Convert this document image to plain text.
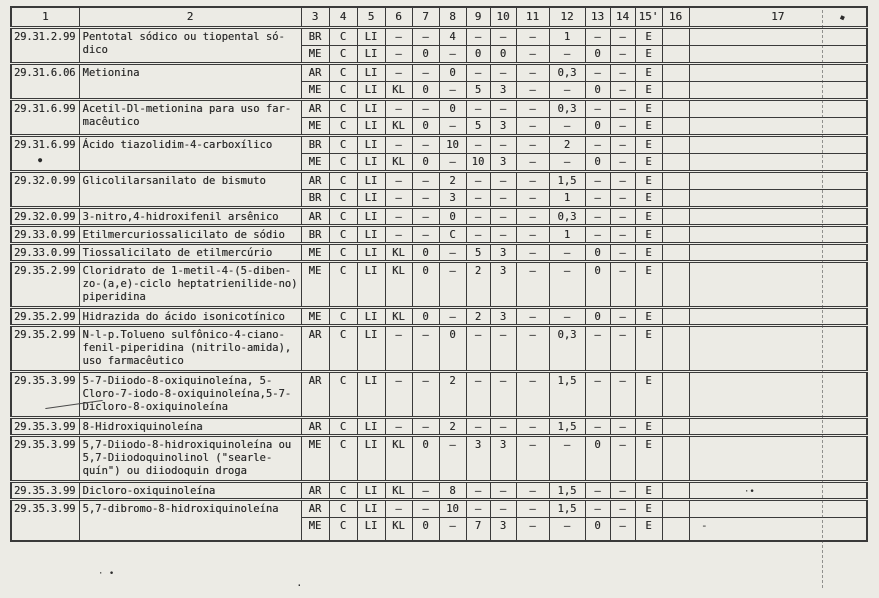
1	2	3	4	5	6	7	8	9	10	11	12	13	14	15'	16	17
29.31.2.99	Pentotal sódico ou tiopental só-dico	BR	C	LI	–	–	4	–	–	–	1	–	–	E		
		ME	C	LI	–	0	–	0	0	–	–	0	–	E		
29.31.6.06	Metionina	AR	C	LI	–	–	0	–	–	–	0,3	–	–	E		
		ME	C	LI	KL	0	–	5	3	–	–	0	–	E		
29.31.6.99	Acetil-Dl-metionina para uso far-macêutico	AR	C	LI	–	–	0	–	–	–	0,3	–	–	E		
		ME	C	LI	KL	0	–	5	3	–	–	0	–	E		
29.31.6.99	Ácido tiazolidim-4-carboxílico	BR	C	LI	–	–	10	–	–	–	2	–	–	E		
		ME	C	LI	KL	0	–	10	3	–	–	0	–	E		
29.32.0.99	Glicolilarsanilato de bismuto	AR	C	LI	–	–	2	–	–	–	1,5	–	–	E		
		BR	C	LI	–	–	3	–	–	–	1	–	–	E		
29.32.0.99	3-nitro,4-hidroxifenil arsênico	AR	C	LI	–	–	0	–	–	–	0,3	–	–	E		
29.33.0.99	Etilmercuriossalicilato de sódio	BR	C	LI	–	–	C	–	–	–	1	–	–	E		
29.33.0.99	Tiossalicilato de etilmercúrio	ME	C	LI	KL	0	–	5	3	–	–	0	–	E		
29.35.2.99	Cloridrato de 1-metil-4-(5-diben-zo-(a,e)-ciclo heptatrienilide-no) piperidina	ME	C	LI	KL	0	–	2	3	–	–	0	–	E		
29.35.2.99	Hidrazida do ácido isonicotínico	ME	C	LI	KL	0	–	2	3	–	–	0	–	E		
29.35.2.99	N-l-p.Tolueno sulfônico-4-ciano-fenil-piperidina (nitrilo-amida), uso farmacêutico	AR	C	LI	–	–	0	–	–	–	0,3	–	–	E		
29.35.3.99	5-7-Diiodo-8-oxiquinoleína, 5-Cloro-7-iodo-8-oxiquinoleína,5-7-Dicloro-8-oxiquinoleína	AR	C	LI	–	–	2	–	–	–	1,5	–	–	E		
29.35.3.99	8-Hidroxiquinoleína	AR	C	LI	–	–	2	–	–	–	1,5	–	–	E		
29.35.3.99	5,7-Diiodo-8-hidroxiquinoleína ou 5,7-Diiodoquinolinol ("searle-quín") ou diiodoquin droga	ME	C	LI	KL	0	–	3	3	–	–	0	–	E		
29.35.3.99	Dicloro-oxiquinoleína	AR	C	LI	KL	–	8	–	–	–	1,5	–	–	E		
29.35.3.99	5,7-dibromo-8-hidroxiquinoleína	AR	C	LI	–	–	10	–	–	–	1,5	–	–	E		
		ME	C	LI	KL	0	–	7	3	–	–	0	–	E		
◆
●
-
·•
· •
·
